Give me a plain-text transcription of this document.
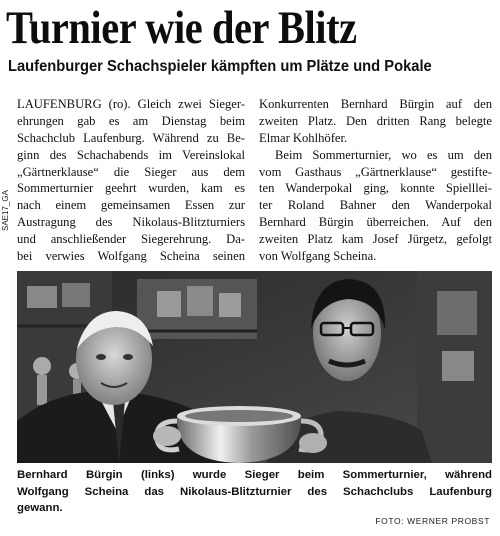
Turnier wie der Blitz
Laufenburger Schachspieler kämpften um Plätze und Pokale
SAE17_GA
LAUFENBURG (ro). Gleich zwei Sieger-
ehrungen gab es am Dienstag beim
Schachclub Laufenburg. Während zu Be-
ginn des Schachabends im Vereinslokal
„Gärtnerklause“ die Sieger aus dem
Sommerturnier geehrt wurden, kam es
nach einem gemeinsamen Essen zur
Austragung des Nikolaus-Blitzturniers
und anschließender Siegerehrung. Da-
bei verwies Wolfgang Scheina seinen
Konkurrenten Bernhard Bürgin auf den
zweiten Platz. Den dritten Rang belegte
Elmar Kohlhöfer.
Beim Sommerturnier, wo es um den
vom Gasthaus „Gärtnerklause“ gestifte-
ten Wanderpokal ging, konnte Spielllei-
ter Roland Bahner den Wanderpokal
Bernhard Bürgin überreichen. Auf den
zweiten Platz kam Josef Jürgetz, gefolgt
von Wolfgang Scheina.
Bernhard Bürgin (links) wurde Sieger beim Sommerturnier, während
Wolfgang Scheina das Nikolaus-Blitzturnier des Schachclubs Laufenburg
gewann.
FOTO: WERNER PROBST
